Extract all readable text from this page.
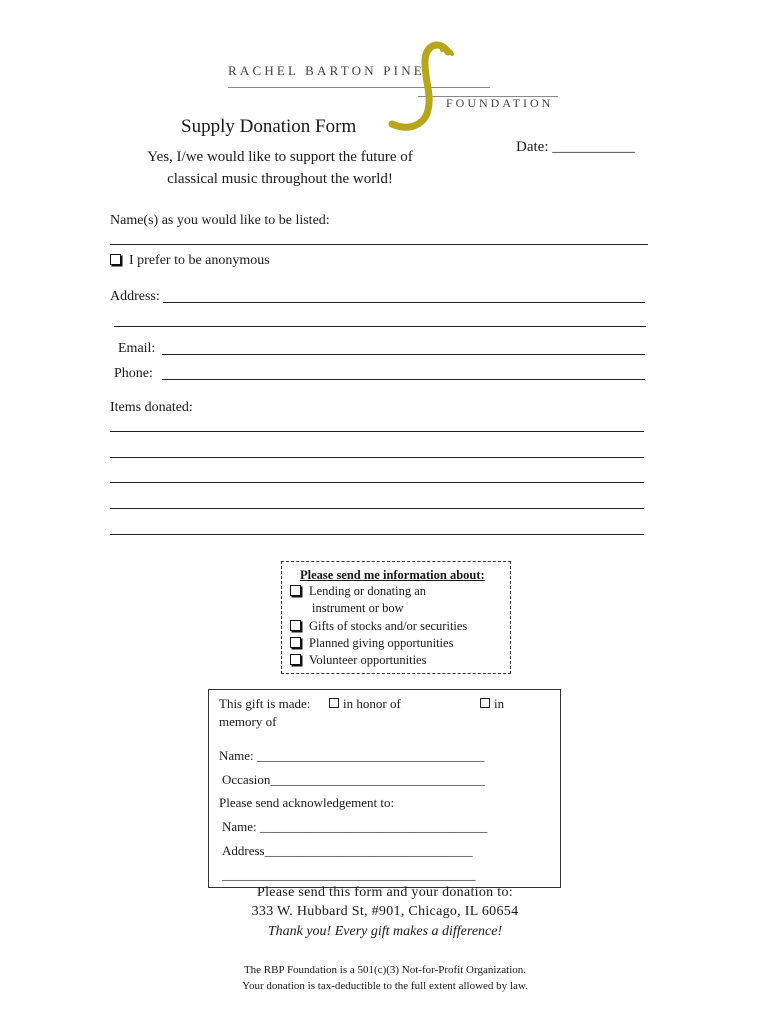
RACHEL BARTON PINE
FOUNDATION
Supply Donation Form
Yes, I/we would like to support the future of
classical music throughout the world!
Date: ___________
Name(s) as you would like to be listed:
I prefer to be anonymous
Address:
Email:
Phone:
Items donated:
Please send me information about:
Lending or donating an
instrument or bow
Gifts of stocks and/or securities
Planned giving opportunities
Volunteer opportunities
This gift is made:	in honor of	in
memory of
Name: ___________________________________
Occasion_________________________________
Please send acknowledgement to:
Name: ___________________________________
Address________________________________
_______________________________________
Please send this form and your donation to:
333 W. Hubbard St, #901, Chicago, IL 60654
Thank you! Every gift makes a difference!
The RBP Foundation is a 501(c)(3) Not-for-Profit Organization.
Your donation is tax-deductible to the full extent allowed by law.
